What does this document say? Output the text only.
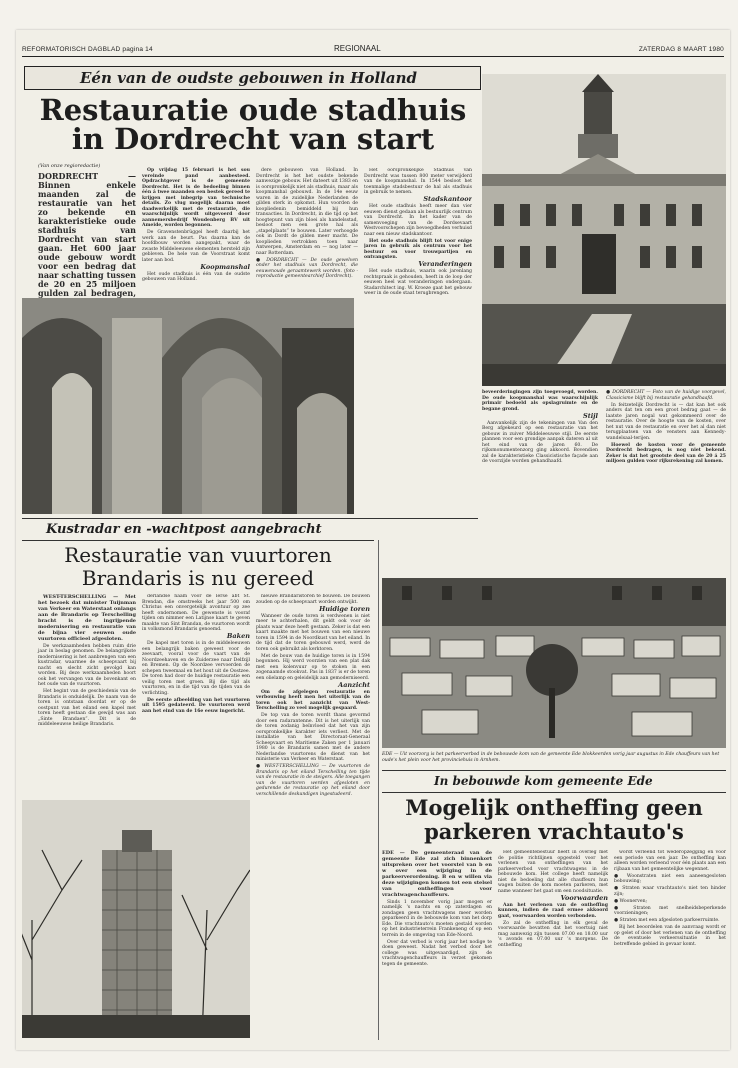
REFORMATORISCH DAGBLAD pagina 14	REGIONAAL	ZATERDAG 8 MAART 1980
Eén van de oudste gebouwen in Holland
Restauratie oude stadhuis
in Dordrecht van start
(Van onze regioredactie)
DORDRECHT — Binnen enkele maanden zal de restauratie van het zo bekende en karakteristieke oude stadhuis van Dordrecht van start gaan. Het 600 jaar oude gebouw wordt voor een bedrag dat naar schatting tussen de 20 en 25 miljoen gulden zal bedragen,

Op vrijdag 15 februari is het sou vereinde pand aanbesteed. Opdrachtgever is de gemeente Dordrecht. Het is de bedoeling binnen één á twee maanden een bestek gereed te krijgen met inbegrip van technische details. Zo vlug mogelijk daarna moet daadwerkelijk met de restauratie, die waarschijnlijk wordt uitgevoerd door aannemersbedrijf Woudenberg BV uit Ameide, worden begonnen.

De Gravenstenbrüggel heeft daarbij het werk aan de beurt. Pas daarna kan de hoofdbouw worden aangepakt, waar de zwaste Middeleeuwse elementen hersteld zijn gebleven. De hele van de Voorstraat komt later aan bod.

Koopmanshal

Het oude stadhuis is één van de oudste gebouwen van Holland.

dere gebouwen van Holland. In Dordrecht is het het oudste bekende aanwezige gebouw. Het dateert uit 1383 en is oorspronkelijk niet als stadhuis, maar als koopmanshal gebouwd. In de 14e eeuw waren in de zuidelijke Nederlanden de gilden sterk in opkomst. Hun voorden de koopliedenin bemiddeld bij hun transacties. In Dordrecht, in die tijd op het hoogtepunt van zijn bloei als handelsstad, besloot men een grote hal als „stapelplaats” te bouwen. Later verhoogde ook in Dordt de gilden meer macht. De kooplieden vertrokken toen naar Antwerpen, Amsterdam en — nog later — naar Rotterdam.

● DORDRECHT — De oude gewelven onder het stadhuis van Dordrecht, die eeuwenoude geraamtewerk worden. (foto - reproductie gemeentearchief Dordrecht).

Het oorspronkelijke Stadhuis van Dordrecht was tussen 800 meter verwijderd van de koopmanshal. In 1544 besloot het toenmalige stadsbestuur de hal als stadhuis in gebruik te nemen.

Stadskantoor

Het oude stadhuis heeft meer dan vier eeuwen dienst gedaan als bestuurlijk centrum van Dordrecht. In het kader van de samenvoeging van de Dordsevaart Westvoorschepen zijn bevoegdheden verhuisd naar een nieuw stadskantoor.

Het oude stadhuis blijft tot voor enige jaren in gebruik als centrum voor het bestuur en voor trouwpartijen en ontvangsten.

Veranderingen

Het oude stadhuis, waarin ook jarenlang rechtspraak is gehouden, heeft in de loop der eeuwen heel wat veranderingen ondergaan. Stadarchitect ing. W. Kroeze gaat het gebouw weer in de oude staat terugbrengen.

beveerderingingen zijn toegevoegd, worden. De oude koopmanshal was waarschijnlijk primair bedoeld als opslagruimte en de begane grond.

Stijl

Aanvankelijk zijn de tekeningen van Van den Berg afgekeurd op een restauratie van het gebouw in zuiver Middeleeuwse stijl. De eerste plannen voor een grondige aanpak dateren al uit het eind van de jaren 60. De rijksmonumentenzorg ging akkoord. Bovendien zal de karakteristieke Classicistische façade aan de voorzijde worden gehandhaafd.

● DORDRECHT — Foto van de huidige voorgevel, Classicisme blijft bij restauratie gehandhaafd.

In feitzetelijk Dordrecht is — dat kan het ook anders dat ten om een groot bedrag gaat — de laatste jaren nogal wat gekommeerd over de restauratie. Over de hoogte van de kosten, over het nut van de restauratie en over het al dan niet terugplaatsen van de vensters aan Kennedy-wandelsaal-terijen.

Hoewel de kosten voor de gemeente Dordrecht bedragen, is nog niet bekend. Zeker is dat het grootste deel van de 20 á 25 miljoen gulden voor rijksrekening zal komen.

Kustradar en -wachtpost aangebracht
Restauratie van vuurtoren
Brandaris is nu gereed

WEST-TERSCHELLING — Met het bezoek dat minister Tuijnman van Verkeer en Waterstaat onlangs aan de Brandaris op Terschelling bracht is de ingrijpende modernisering en restauratie van de bijna vier eeuwen oude vuurtoren officieel afgesloten.

De werkzaamheden hebben ruim drie jaar in beslag genomen. De belangrijkste modernisering is het aanbrengen van een kustradar, waarmee de scheepvaart bij nacht en slecht zicht gevolgd kan worden. Bij deze werkzaamheden hoort ook het vervangen van de bovenkant en het oude van de vuurtoren.

Het begint van de geschiedenis van de Brandaris is onduidelijk. De naam van de toren is ontstaan doordat er op de oostpunt van het eiland een kapel met toren heeft gestaan die gewijd was aan „Sinte Brandaen”. Dit is de middeleeuwse heilige Brandaris.

derlandse naam voor de Ierse abt St. Brendan, die omstreeks het jaar 500 om Christus een onvergetelijk avontuur op zee heeft ondernomen. De gewenste is vooraf tijden om nimmer een Latijnse kaart te geven maakte van Sint Brandan, de vuurtoren wordt in volksmond Brandaris genoemd.

Baken

De kapel met toren is in de middeleeuwen een belangrijk baken geweest voor de zeevaart, vooral voor de vaart van de Noordzeehaven en de Zuiderzee naar Delfzijl en Bremen. Op de Noordzee vervoerden de schepen tweemaal en het hout uit de Oostzee. De toren had door de huidige restauratie een veilig toren met groen. Bij die tijd als vuurtoren, en in die tijd van de tijden van de verlichting.

De eerste afbeelding van het vuurtoren uit 1595 gedateerd. De vuurtoren werd aan het eind van de 16e eeuw ingericht.

nieuwe Brandaristoren te bouwen. De bouwen zouden op de scheepvaart worden ontwijkt.

Huidige toren

Wanneer de oude toren is verdwenen is niet meer te achterhalen, dit geldt ook voor de plaats waar deze heeft gestaan. Zeker is dat een kaart maakte met het bouwen van een nieuwe toren in 1594 in de Noordkust van het eiland. In de tijd dat de toren gebouwd werd, werd de toren ook gebruikt als kerktoren.

Met de bouw van de huidige toren is in 1594 begonnen. Hij werd voorzien van een plat dak met een kolenvuur op te stoken in een zogenaamde stookvat. Pas in 1837 is er de toren een olielamp en geleidelijk aan gemoderniseerd.

Aanzicht

Om de afgelegen restauratie en verbouwing heeft men het uiterlijk van de toren ook het aanzicht van West-Terschelling zo veel mogelijk gespaard.

De top van de toren wordt thans gevormd door een radarantenne. Dit is het uiterlijk van de toren zodanig beïnvloed dat het van zijn oorspronkelijke karakter iets verliest. Met de installatie van het Directoraat-Generaal Scheepvaart en Maritieme Zaken per 1 januari 1980 is de Brandaris samen met de andere Nederlandse vuurtorens de dienst van het ministerie van Verkeer en Waterstaat.

● WEST-TERSCHELLING — De vuurtoren de Brandaris op het eiland Terschelling ten tijde van de restauratie in de steigers. Alle toegangen van de vuurtoren werden afgesloten en gedurende de restauratie op het eiland door verschillende deskundigen ingestudeerd.

EDE — Uit voorzorg is het parkeerverbod in de bebouwde kom van de gemeente Ede blokkeerden vorig jaar augustus in Ede chauffeurs van het oude's het plein voor het provinciehuis in Arnhem.
In bebouwde kom gemeente Ede
Mogelijk ontheffing geen
parkeren vrachtauto's

EDE — De gemeenteraad van de gemeente Ede zal zich binnenkort uitspreken over het voorstel van b en w over een wijziging in de parkeerverordening. B en w willen via deze wijzigingen komen tot een stelsel van ontheffingen voor vrachtwagenchauffeurs.

Sinds 1 november vorig jaar mogen er namelijk 's nachts en op zaterdagen en zondagen geen vrachtwagens meer worden geparkeerd in de bebouwde kom van het dorp Ede. Die vrachtauto's moeten gestald worden op het industrieterrein Frankeneng of op een terrein in de omgeving van Ede-Noord.

Over dat verbod is vorig jaar het nodige te doen geweest. Nadat het verbod door het college was uitgevaardigd, zijn de vrachtwagenchauffeurs in verzet gekomen tegen de gemeente.

Het gemeentebestuur heeft in overleg met de politie richtlijnen opgesteld voor het verlenen van ontheffingen van het parkeerverbod voor vrachtwagens in de bebouwde kom. Het college heeft namelijk niet de bedoeling dat alle chauffeurs hun wagen buiten de kom moeten parkeren, met name wanneer het gaat om een noodsituatie.

Voorwaarden

Aan het verlenen van de ontheffing kunnen, indien de raad ermee akkoord gaat, voorwaarden worden verbonden.

Zo zal de ontheffing in elk geval de voorwaarde bevatten dat het voertuig niet mag aanwezig zijn tussen 07.00 en 18.00 uur 's avonds en 07.00 uur 's morgens. De ontheffing

wordt verleend tot wederopzegging en voor een periode van een jaar. De ontheffing kan alleen worden verleend voor één plaats aan een rijbaan van het gemeentelijke wegennet.

● Woonstraten niet een aaneengesloten bebouwing;

● Straten waar vrachtauto's niet ten hinder zijn;

● Woonerven;

● Straten met snelheidsbeperkende voorzieningen;

● Straten met een afgesloten parkeerruimte.

Bij het beoordelen van de aanvraag wordt er op gelet of door het verlenen van de ontheffing de eventuele verkeerssituatie in het betreffende gebied in gevaar komt.
